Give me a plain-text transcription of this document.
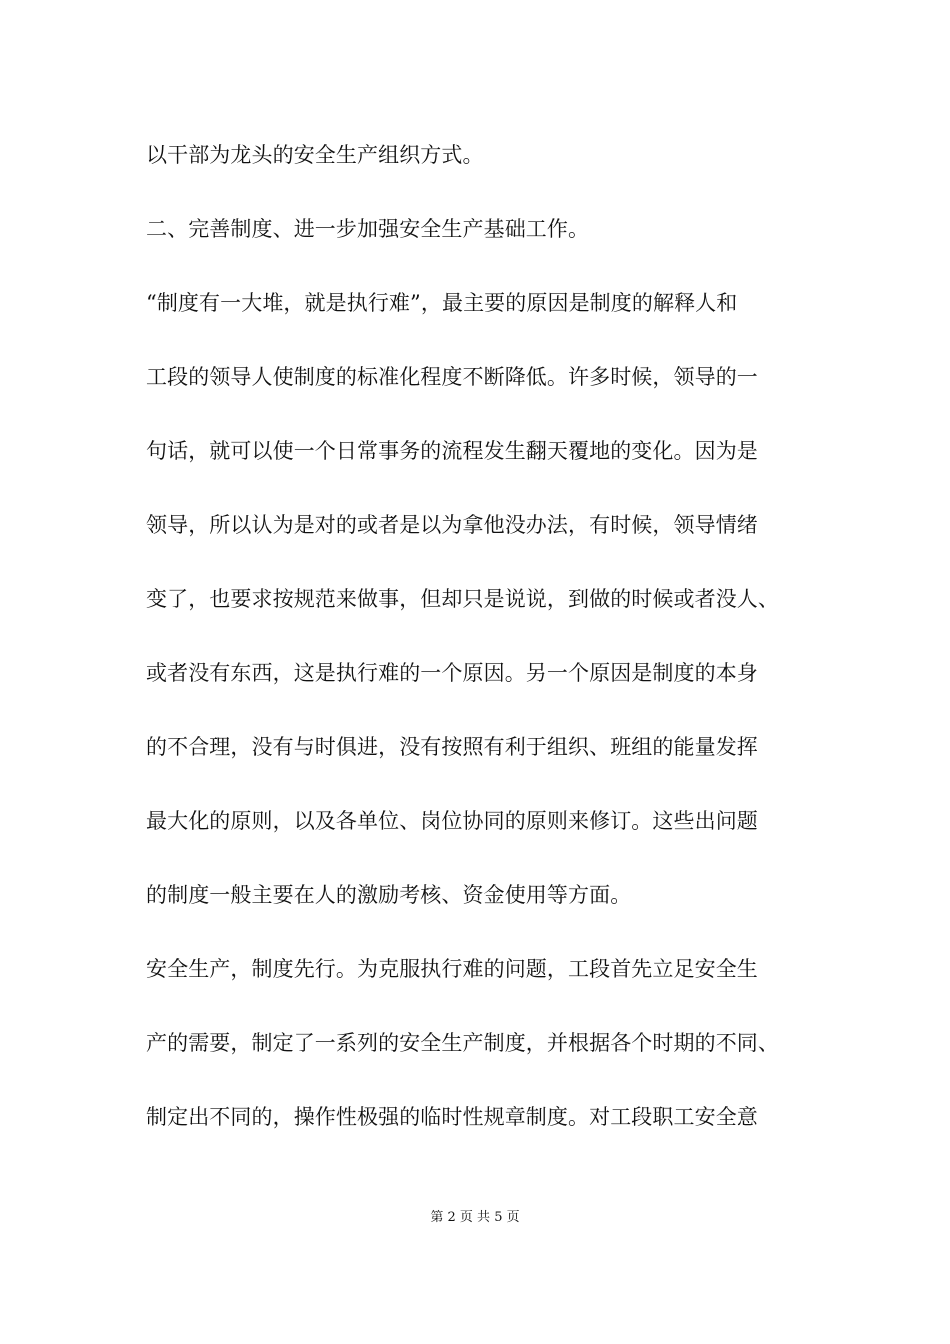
以干部为龙头的安全生产组织方式。
二、完善制度、进一步加强安全生产基础工作。
“制度有一大堆，就是执行难”，最主要的原因是制度的解释人和
工段的领导人使制度的标准化程度不断降低。许多时候，领导的一
句话，就可以使一个日常事务的流程发生翻天覆地的变化。因为是
领导，所以认为是对的或者是以为拿他没办法，有时候，领导情绪
变了，也要求按规范来做事，但却只是说说，到做的时候或者没人、
或者没有东西，这是执行难的一个原因。另一个原因是制度的本身
的不合理，没有与时俱进，没有按照有利于组织、班组的能量发挥
最大化的原则，以及各单位、岗位协同的原则来修订。这些出问题
的制度一般主要在人的激励考核、资金使用等方面。
安全生产，制度先行。为克服执行难的问题，工段首先立足安全生
产的需要，制定了一系列的安全生产制度，并根据各个时期的不同、
制定出不同的，操作性极强的临时性规章制度。对工段职工安全意
第 2 页 共 5 页
